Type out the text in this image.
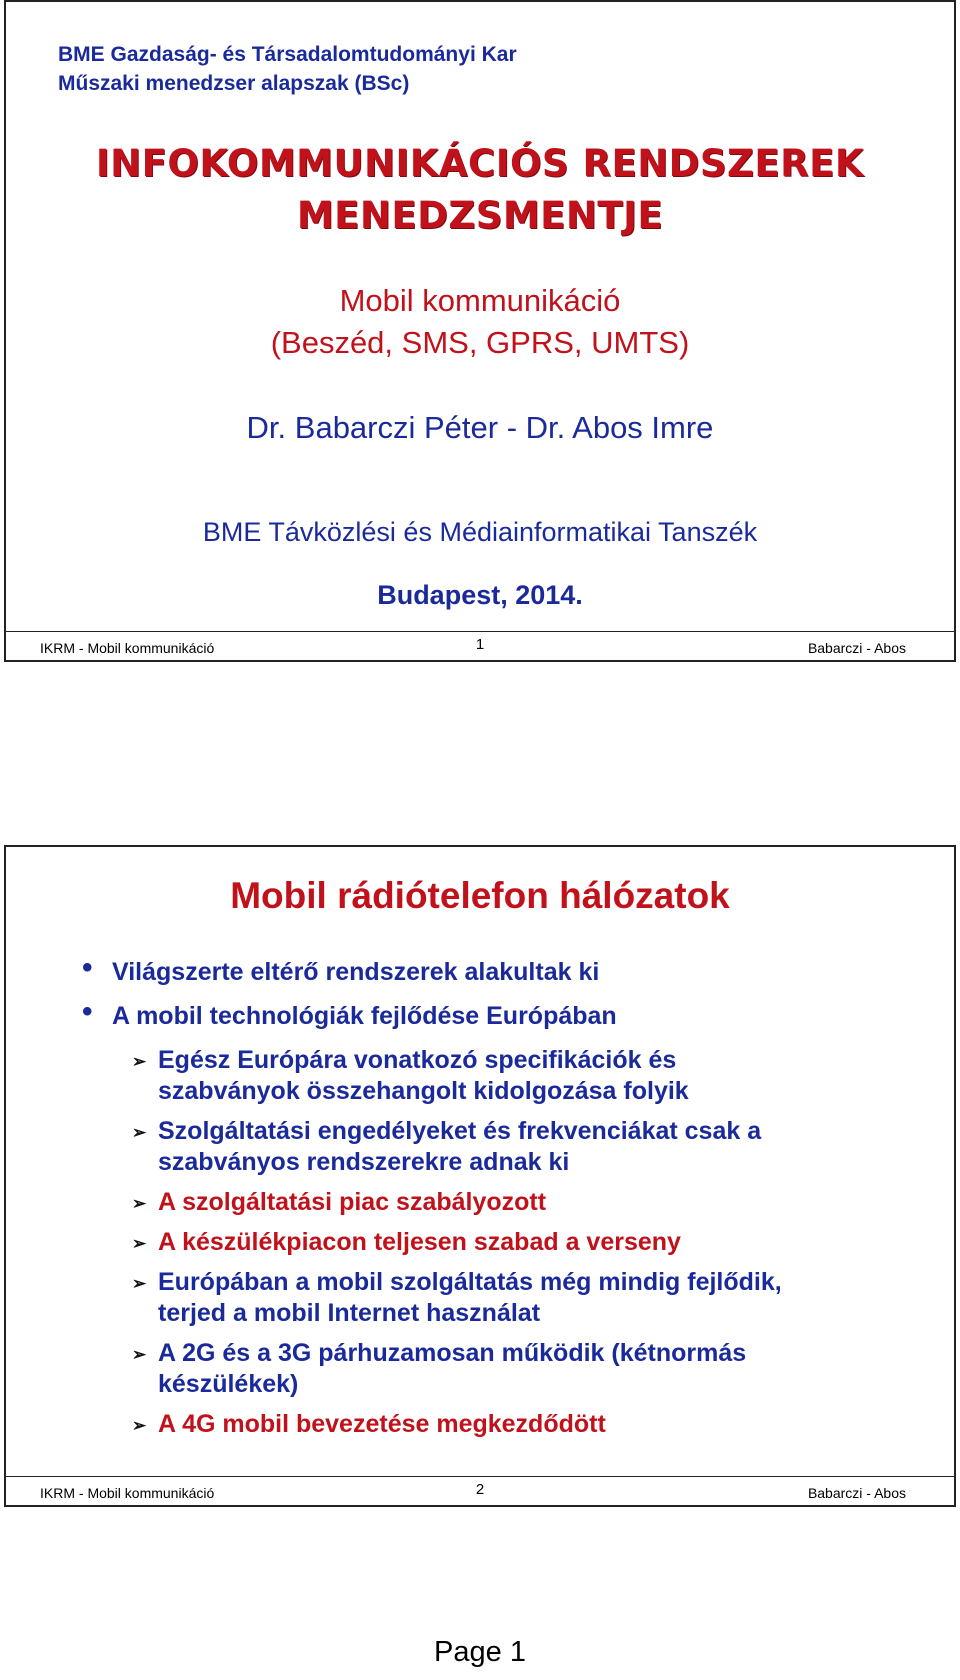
BME Gazdaság- és Társadalomtudományi Kar
Műszaki menedzser alapszak (BSc)
INFOKOMMUNIKÁCIÓS RENDSZEREK
MENEDZSMENTJE
Mobil kommunikáció
(Beszéd, SMS, GPRS, UMTS)
Dr. Babarczi Péter - Dr. Abos Imre
BME Távközlési és Médiainformatikai Tanszék
Budapest, 2014.
IKRM - Mobil kommunikáció	1	Babarczi - Abos
Mobil rádiótelefon hálózatok
• Világszerte eltérő rendszerek alakultak ki
• A mobil technológiák fejlődése Európában
➢ Egész Európára vonatkozó specifikációk és
szabványok összehangolt kidolgozása folyik
➢ Szolgáltatási engedélyeket és frekvenciákat csak a
szabványos rendszerekre adnak ki
➢ A szolgáltatási piac szabályozott
➢ A készülékpiacon teljesen szabad a verseny
➢ Európában a mobil szolgáltatás még mindig fejlődik,
terjed a mobil Internet használat
➢ A 2G és a 3G párhuzamosan működik (kétnormás
készülékek)
➢ A 4G mobil bevezetése megkezdődött
IKRM - Mobil kommunikáció	2	Babarczi - Abos
Page 1
